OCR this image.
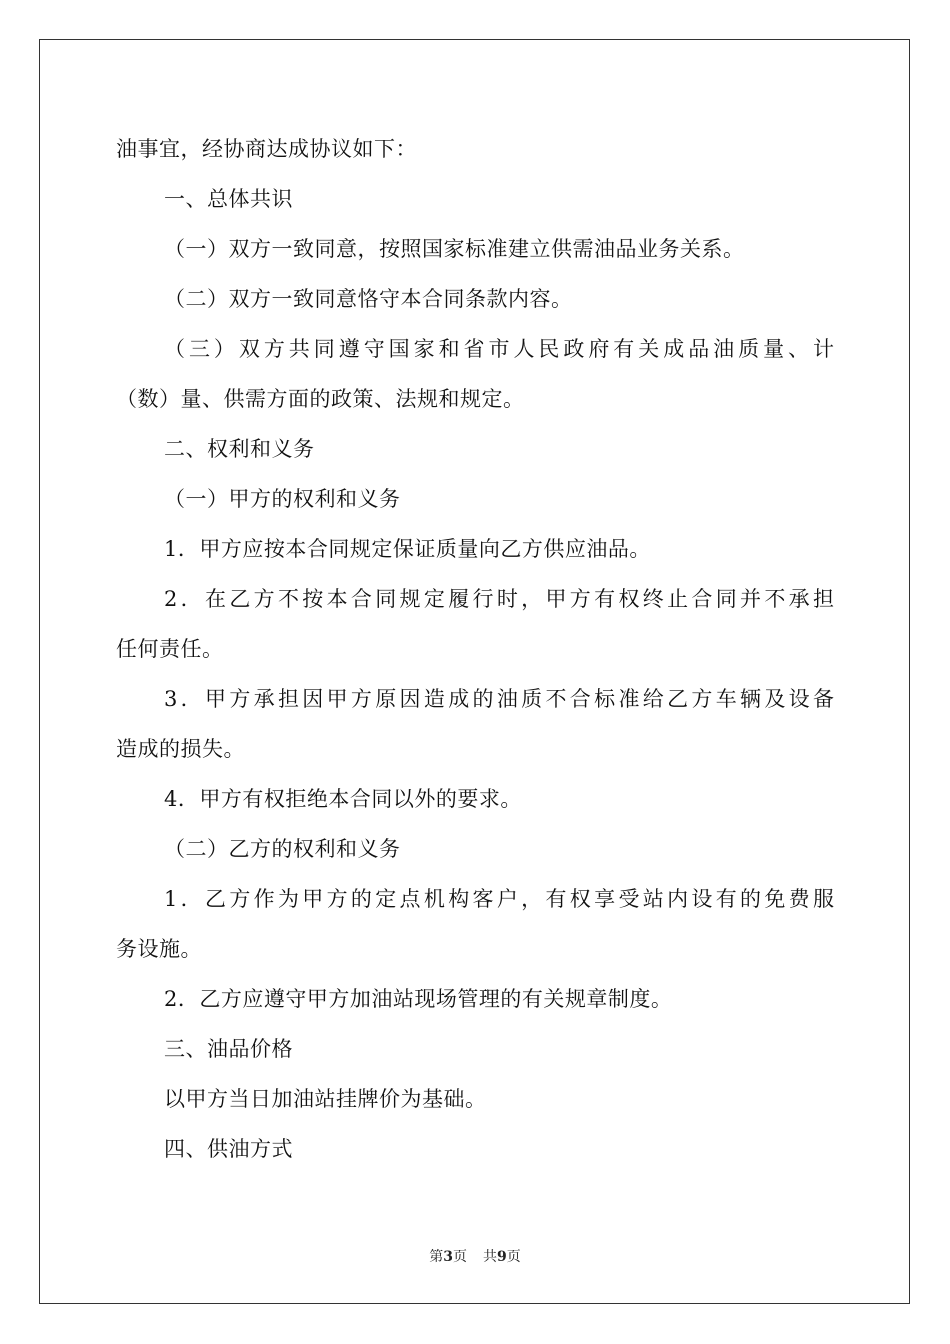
油事宜，经协商达成协议如下：
一、总体共识
（一）双方一致同意，按照国家标准建立供需油品业务关系。
（二）双方一致同意恪守本合同条款内容。
（三）双方共同遵守国家和省市人民政府有关成品油质量、计
（数）量、供需方面的政策、法规和规定。
二、权利和义务
（一）甲方的权利和义务
1．甲方应按本合同规定保证质量向乙方供应油品。
2．在乙方不按本合同规定履行时，甲方有权终止合同并不承担
任何责任。
3．甲方承担因甲方原因造成的油质不合标准给乙方车辆及设备
造成的损失。
4．甲方有权拒绝本合同以外的要求。
（二）乙方的权利和义务
1．乙方作为甲方的定点机构客户，有权享受站内设有的免费服
务设施。
2．乙方应遵守甲方加油站现场管理的有关规章制度。
三、油品价格
以甲方当日加油站挂牌价为基础。
四、供油方式
第3页 共9页
